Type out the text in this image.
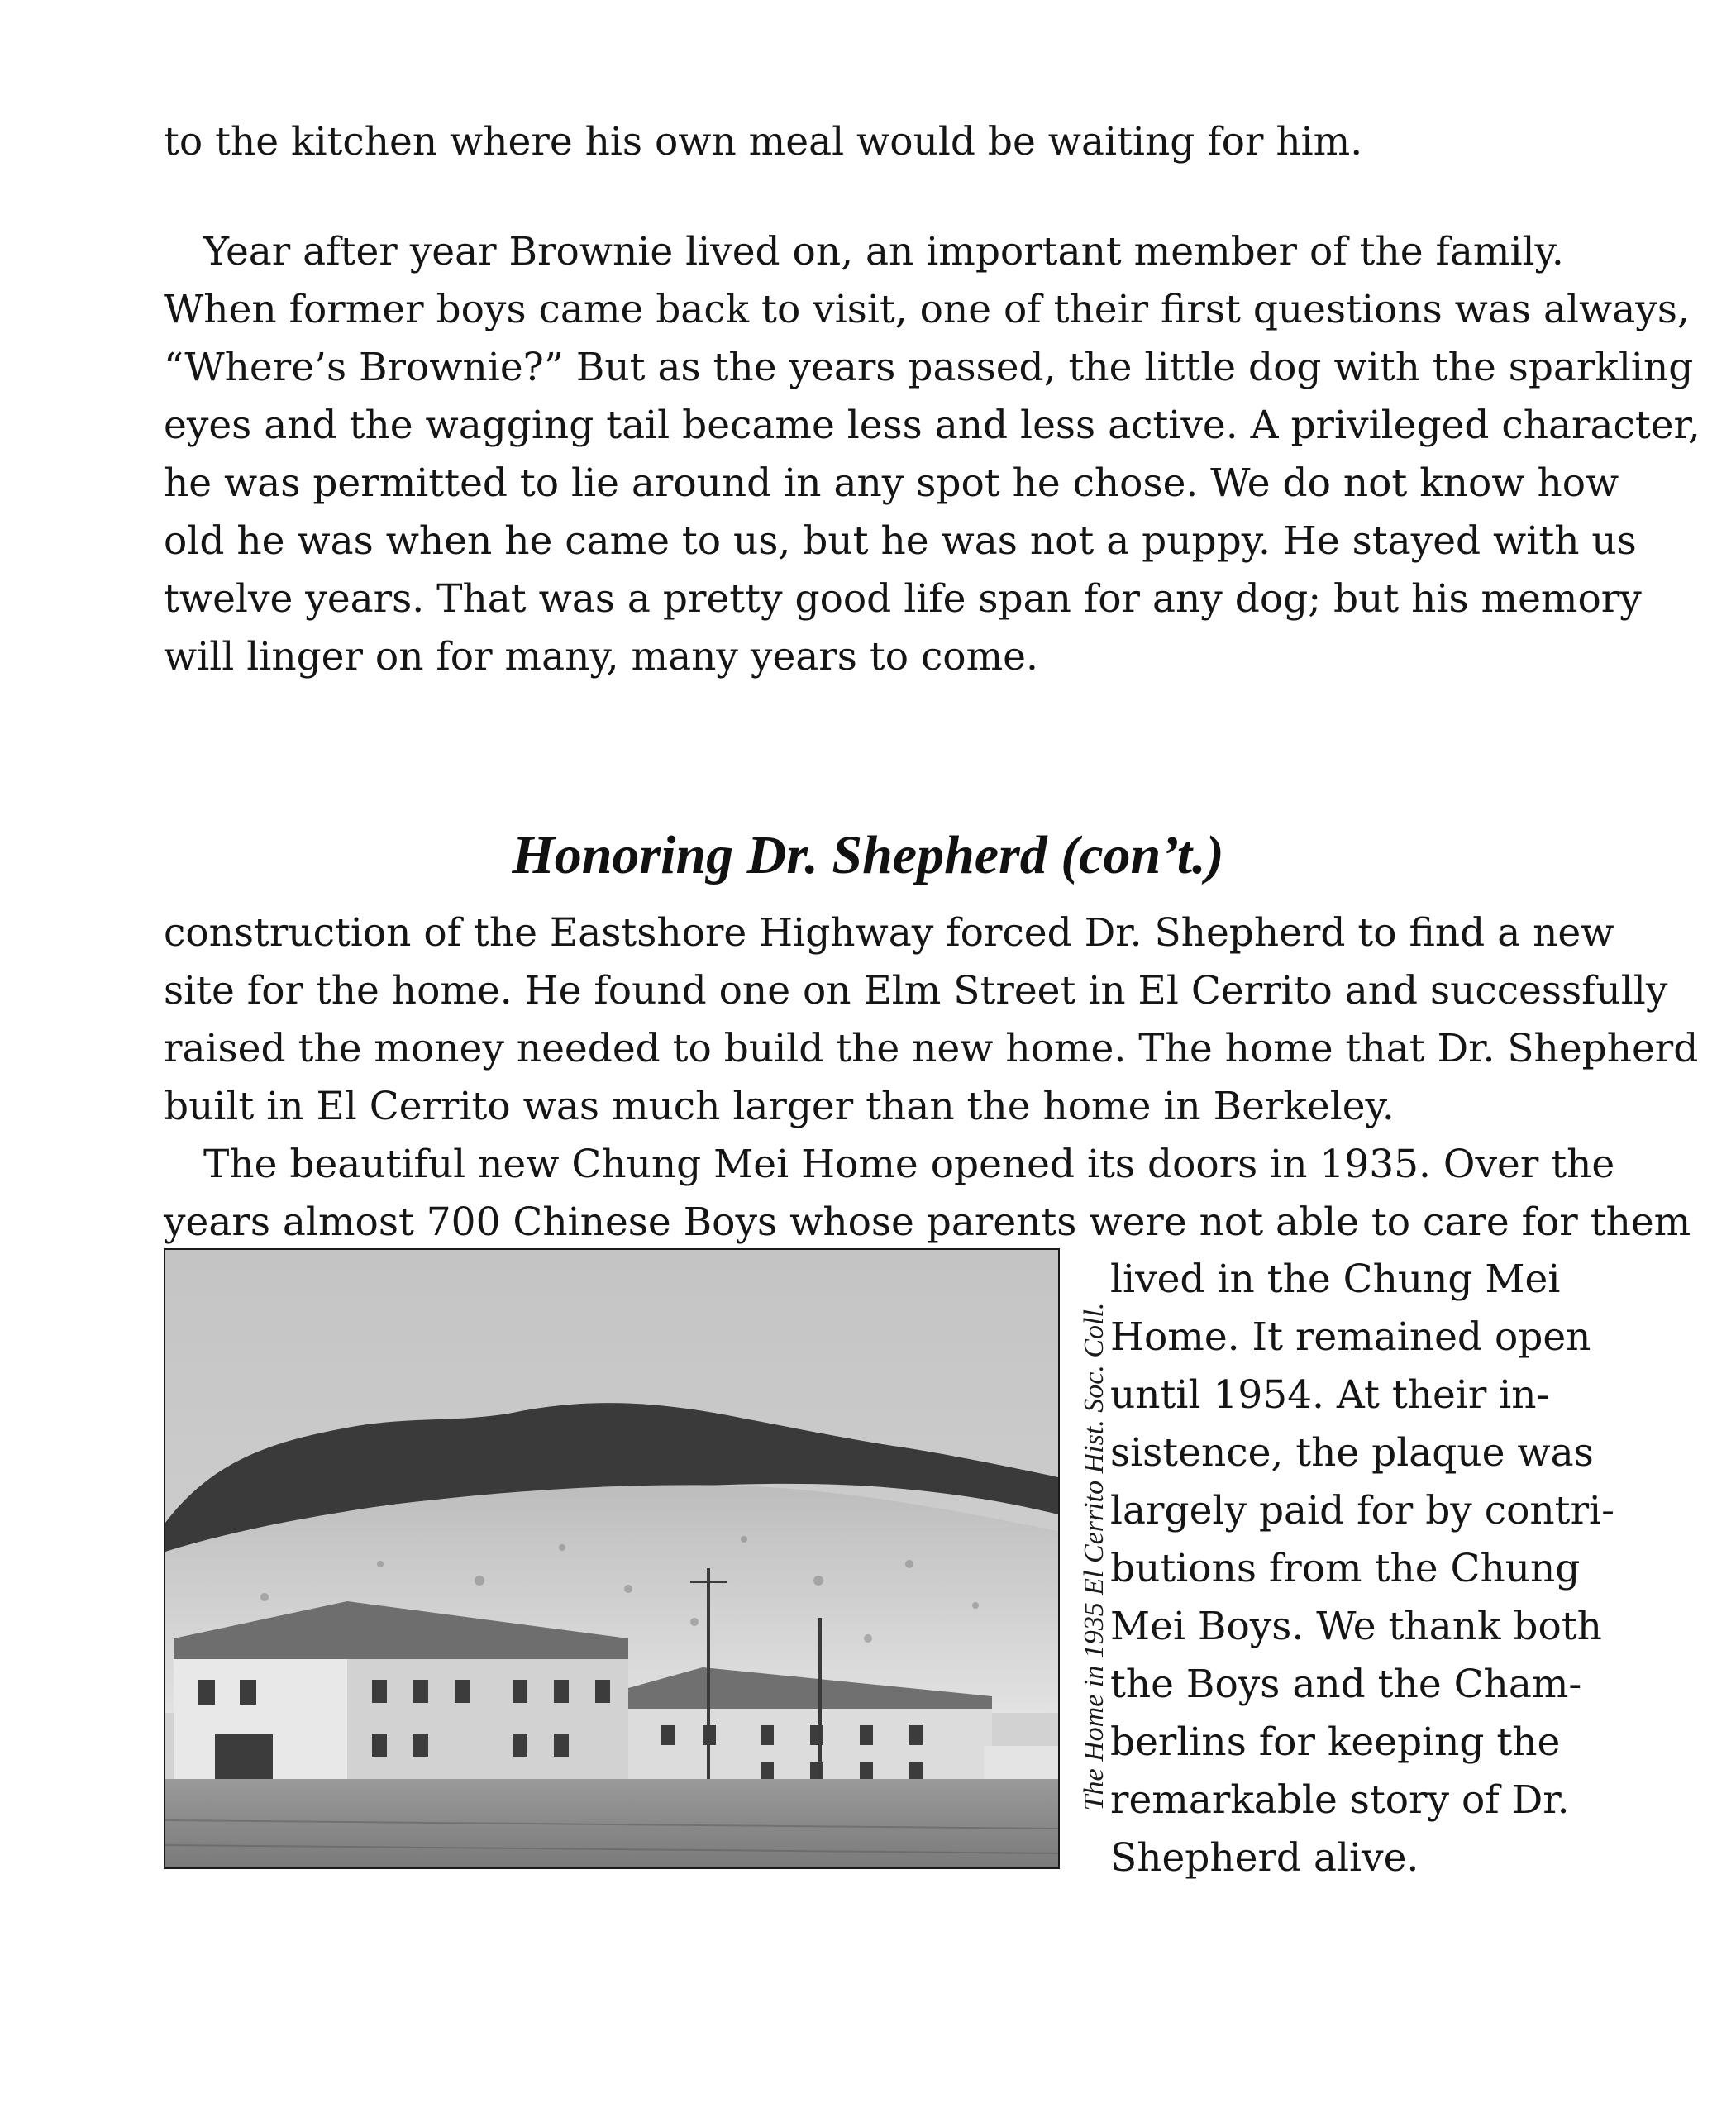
to the kitchen where his own meal would be waiting for him.
Year after year Brownie lived on, an important member of the family.
When former boys came back to visit, one of their first questions was always,
“Where’s Brownie?” But as the years passed, the little dog with the sparkling
eyes and the wagging tail became less and less active. A privileged character,
he was permitted to lie around in any spot he chose. We do not know how
old he was when he came to us, but he was not a puppy. He stayed with us
twelve years. That was a pretty good life span for any dog; but his memory
will linger on for many, many years to come.
Honoring Dr. Shepherd (con’t.)
construction of the Eastshore Highway forced Dr. Shepherd to find a new
site for the home. He found one on Elm Street in El Cerrito and successfully
raised the money needed to build the new home. The home that Dr. Shepherd
built in El Cerrito was much larger than the home in Berkeley.
The beautiful new Chung Mei Home opened its doors in 1935. Over the
years almost 700 Chinese Boys whose parents were not able to care for them
The Home in 1935 El Cerrito Hist. Soc. Coll.
lived in the Chung Mei
Home. It remained open
until 1954. At their in-
sistence, the plaque was
largely paid for by contri-
butions from the Chung
Mei Boys. We thank both
the Boys and the Cham-
berlins for keeping the
remarkable story of Dr.
Shepherd alive.
